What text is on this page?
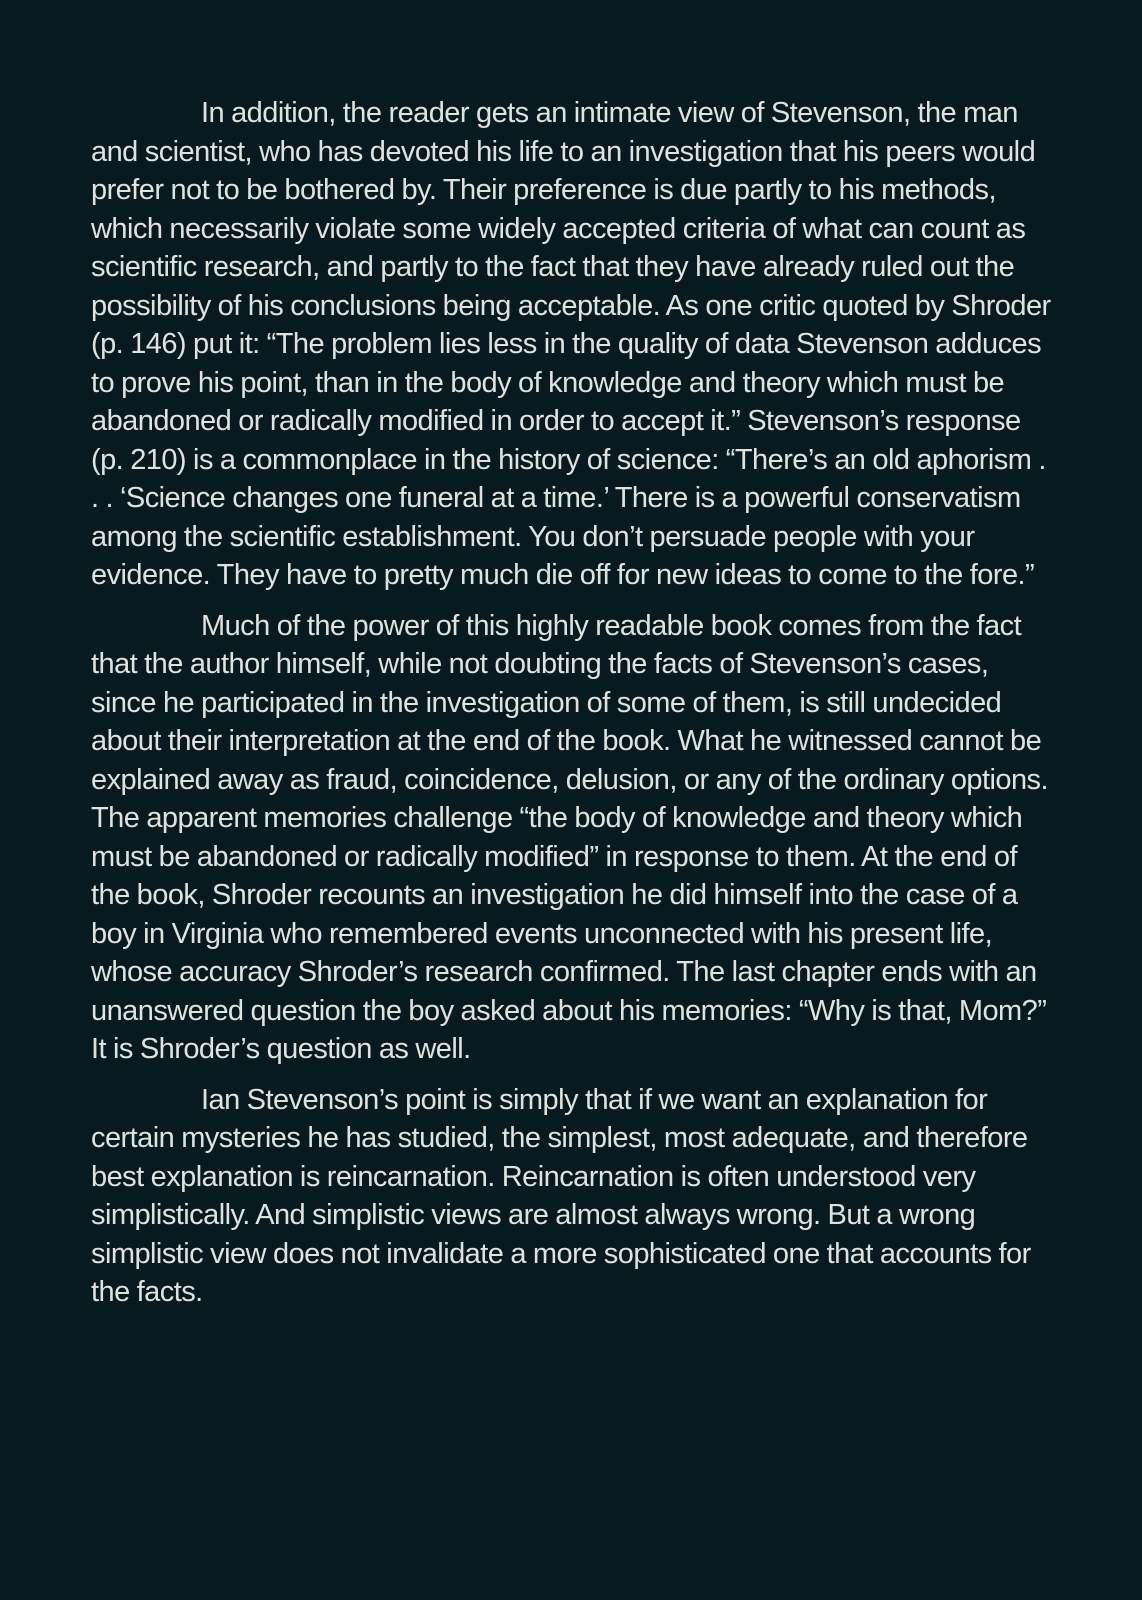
In addition, the reader gets an intimate view of Stevenson, the man and scientist, who has devoted his life to an investigation that his peers would prefer not to be bothered by. Their preference is due partly to his methods, which necessarily violate some widely accepted criteria of what can count as scientific research, and partly to the fact that they have already ruled out the possibility of his conclusions being acceptable. As one critic quoted by Shroder (p. 146) put it: “The problem lies less in the quality of data Stevenson adduces to prove his point, than in the body of knowledge and theory which must be abandoned or radically modified in order to accept it.” Stevenson’s response (p. 210) is a commonplace in the history of science: “There’s an old aphorism . . . ‘Science changes one funeral at a time.’ There is a powerful conservatism among the scientific establishment. You don’t persuade people with your evidence. They have to pretty much die off for new ideas to come to the fore.”

Much of the power of this highly readable book comes from the fact that the author himself, while not doubting the facts of Stevenson’s cases, since he participated in the investigation of some of them, is still undecided about their interpretation at the end of the book. What he witnessed cannot be explained away as fraud, coincidence, delusion, or any of the ordinary options. The apparent memories challenge “the body of knowledge and theory which must be abandoned or radically modified” in response to them. At the end of the book, Shroder recounts an investigation he did himself into the case of a boy in Virginia who remembered events unconnected with his present life, whose accuracy Shroder’s research confirmed. The last chapter ends with an unanswered question the boy asked about his memories: “Why is that, Mom?” It is Shroder’s question as well.

Ian Stevenson’s point is simply that if we want an explanation for certain mysteries he has studied, the simplest, most adequate, and therefore best explanation is reincarnation. Reincarnation is often understood very simplistically. And simplistic views are almost always wrong. But a wrong simplistic view does not invalidate a more sophisticated one that accounts for the facts.
